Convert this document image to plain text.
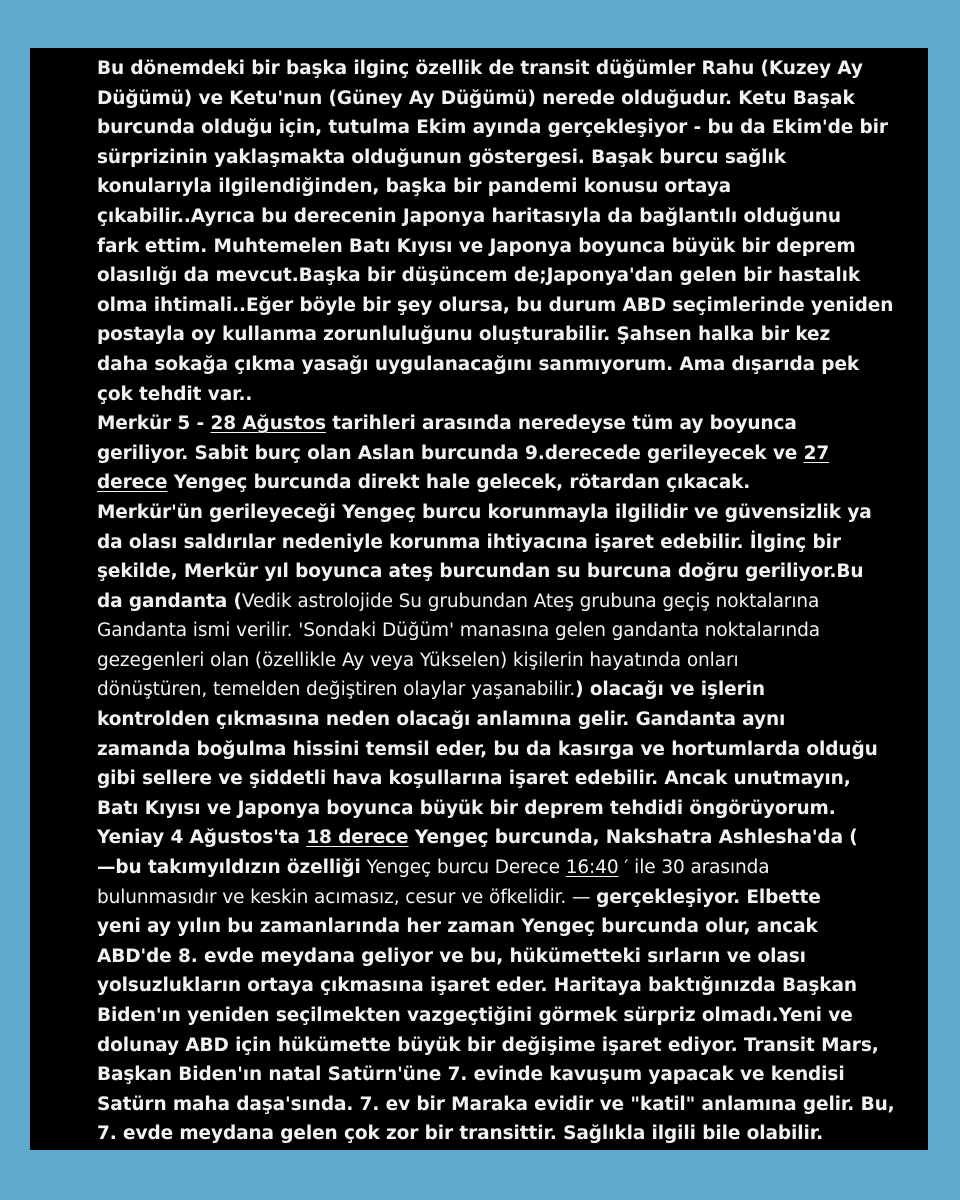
Bu dönemdeki bir başka ilginç özellik de transit düğümler Rahu (Kuzey Ay
Düğümü) ve Ketu'nun (Güney Ay Düğümü) nerede olduğudur. Ketu Başak
burcunda olduğu için, tutulma Ekim ayında gerçekleşiyor - bu da Ekim'de bir
sürprizinin yaklaşmakta olduğunun göstergesi. Başak burcu sağlık
konularıyla ilgilendiğinden, başka bir pandemi konusu ortaya
çıkabilir..Ayrıca bu derecenin Japonya haritasıyla da bağlantılı olduğunu
fark ettim. Muhtemelen Batı Kıyısı ve Japonya boyunca büyük bir deprem
olasılığı da mevcut.Başka bir düşüncem de;Japonya'dan gelen bir hastalık
olma ihtimali..Eğer böyle bir şey olursa, bu durum ABD seçimlerinde yeniden
postayla oy kullanma zorunluluğunu oluşturabilir. Şahsen halka bir kez
daha sokağa çıkma yasağı uygulanacağını sanmıyorum. Ama dışarıda pek
çok tehdit var..
Merkür 5 - 28 Ağustos tarihleri arasında neredeyse tüm ay boyunca
geriliyor. Sabit burç olan Aslan burcunda 9.derecede gerileyecek ve 27
derece Yengeç burcunda direkt hale gelecek, rötardan çıkacak.
Merkür'ün gerileyeceği Yengeç burcu korunmayla ilgilidir ve güvensizlik ya
da olası saldırılar nedeniyle korunma ihtiyacına işaret edebilir. İlginç bir
şekilde, Merkür yıl boyunca ateş burcundan su burcuna doğru geriliyor.Bu
da gandanta (Vedik astrolojide Su grubundan Ateş grubuna geçiş noktalarına
Gandanta ismi verilir. 'Sondaki Düğüm' manasına gelen gandanta noktalarında
gezegenleri olan (özellikle Ay veya Yükselen) kişilerin hayatında onları
dönüştüren, temelden değiştiren olaylar yaşanabilir.) olacağı ve işlerin
kontrolden çıkmasına neden olacağı anlamına gelir. Gandanta aynı
zamanda boğulma hissini temsil eder, bu da kasırga ve hortumlarda olduğu
gibi sellere ve şiddetli hava koşullarına işaret edebilir. Ancak unutmayın,
Batı Kıyısı ve Japonya boyunca büyük bir deprem tehdidi öngörüyorum.
Yeniay 4 Ağustos'ta 18 derece Yengeç burcunda, Nakshatra Ashlesha'da (
—bu takımyıldızın özelliği Yengeç burcu Derece 16:40 ′ ile 30 arasında
bulunmasıdır ve keskin acımasız, cesur ve öfkelidir. — gerçekleşiyor. Elbette
yeni ay yılın bu zamanlarında her zaman Yengeç burcunda olur, ancak
ABD'de 8. evde meydana geliyor ve bu, hükümetteki sırların ve olası
yolsuzlukların ortaya çıkmasına işaret eder. Haritaya baktığınızda Başkan
Biden'ın yeniden seçilmekten vazgeçtiğini görmek sürpriz olmadı.Yeni ve
dolunay ABD için hükümette büyük bir değişime işaret ediyor. Transit Mars,
Başkan Biden'ın natal Satürn'üne 7. evinde kavuşum yapacak ve kendisi
Satürn maha daşa'sında. 7. ev bir Maraka evidir ve "katil" anlamına gelir. Bu,
7. evde meydana gelen çok zor bir transittir. Sağlıkla ilgili bile olabilir.
